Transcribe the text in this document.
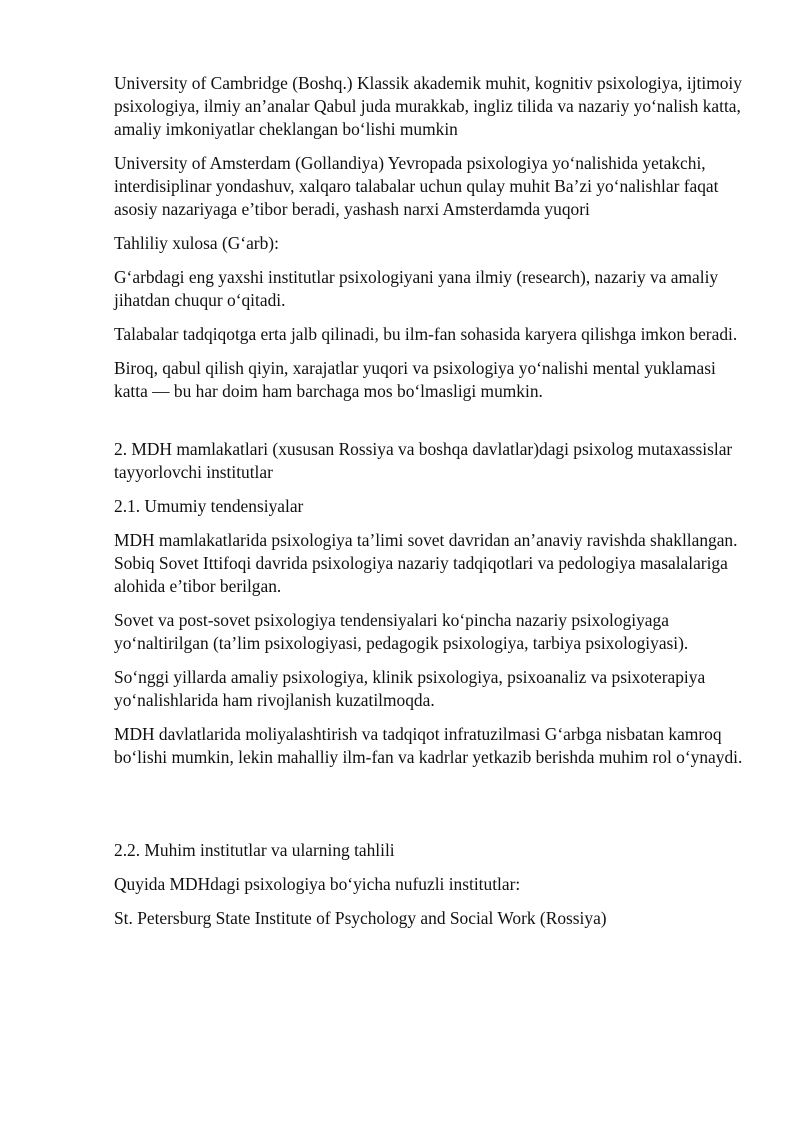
University of Cambridge (Boshq.) Klassik akademik muhit, kognitiv psixologiya, ijtimoiy psixologiya, ilmiy an’analar Qabul juda murakkab, ingliz tilida va nazariy yo‘nalish katta, amaliy imkoniyatlar cheklangan bo‘lishi mumkin

University of Amsterdam (Gollandiya) Yevropada psixologiya yo‘nalishida yetakchi, interdisiplinar yondashuv, xalqaro talabalar uchun qulay muhit Ba’zi yo‘nalishlar faqat asosiy nazariyaga e’tibor beradi, yashash narxi Amsterdamda yuqori

Tahliliy xulosa (G‘arb):

G‘arbdagi eng yaxshi institutlar psixologiyani yana ilmiy (research), nazariy va amaliy jihatdan chuqur o‘qitadi.

Talabalar tadqiqotga erta jalb qilinadi, bu ilm-fan sohasida karyera qilishga imkon beradi.

Biroq, qabul qilish qiyin, xarajatlar yuqori va psixologiya yo‘nalishi mental yuklamasi katta — bu har doim ham barchaga mos bo‘lmasligi mumkin.

2. MDH mamlakatlari (xususan Rossiya va boshqa davlatlar)dagi psixolog mutaxassislar tayyorlovchi institutlar

2.1. Umumiy tendensiyalar

MDH mamlakatlarida psixologiya ta’limi sovet davridan an’anaviy ravishda shakllangan. Sobiq Sovet Ittifoqi davrida psixologiya nazariy tadqiqotlari va pedologiya masalalariga alohida e’tibor berilgan.

Sovet va post-sovet psixologiya tendensiyalari ko‘pincha nazariy psixologiyaga yo‘naltirilgan (ta’lim psixologiyasi, pedagogik psixologiya, tarbiya psixologiyasi).

So‘nggi yillarda amaliy psixologiya, klinik psixologiya, psixoanaliz va psixoterapiya yo‘nalishlarida ham rivojlanish kuzatilmoqda.

MDH davlatlarida moliyalashtirish va tadqiqot infratuzilmasi G‘arbga nisbatan kamroq bo‘lishi mumkin, lekin mahalliy ilm-fan va kadrlar yetkazib berishda muhim rol o‘ynaydi.

2.2. Muhim institutlar va ularning tahlili

Quyida MDHdagi psixologiya bo‘yicha nufuzli institutlar:

St. Petersburg State Institute of Psychology and Social Work (Rossiya)
